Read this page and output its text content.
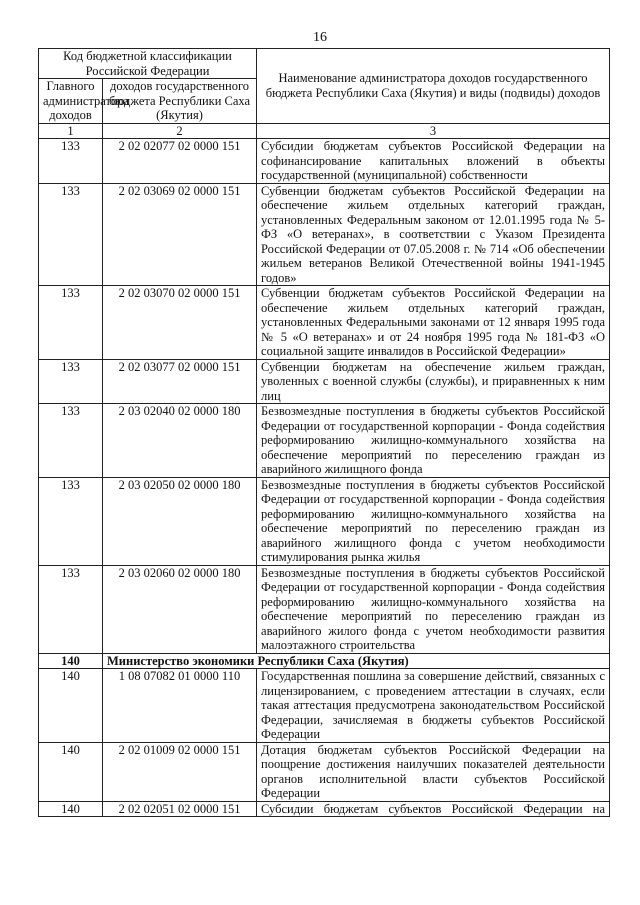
16
Код бюджетной классификации Российской Федерации		Наименование администратора доходов государственного бюджета Республики Саха (Якутия) и виды (подвиды) доходов
Главного администратора доходов	доходов государственного бюджета Республики Саха (Якутия)	
1	2	3
133	2 02 02077 02 0000 151	Субсидии бюджетам субъектов Российской Федерации на софинансирование капитальных вложений в объекты государственной (муниципальной) собственности
133	2 02 03069 02 0000 151	Субвенции бюджетам субъектов Российской Федерации на обеспечение жильем отдельных категорий граждан, установленных Федеральным законом от 12.01.1995 года № 5-ФЗ «О ветеранах», в соответствии с Указом Президента Российской Федерации от 07.05.2008 г. № 714 «Об обеспечении жильем ветеранов Великой Отечественной войны 1941-1945 годов»
133	2 02 03070 02 0000 151	Субвенции бюджетам субъектов Российской Федерации на обеспечение жильем отдельных категорий граждан, установленных Федеральными законами от 12 января 1995 года № 5 «О ветеранах» и от 24 ноября 1995 года № 181-ФЗ «О социальной защите инвалидов в Российской Федерации»
133	2 02 03077 02 0000 151	Субвенции бюджетам на обеспечение жильем граждан, уволенных с военной службы (службы), и приравненных к ним лиц
133	2 03 02040 02 0000 180	Безвозмездные поступления в бюджеты субъектов Российской Федерации от государственной корпорации - Фонда содействия реформированию жилищно-коммунального хозяйства на обеспечение мероприятий по переселению граждан из аварийного жилищного фонда
133	2 03 02050 02 0000 180	Безвозмездные поступления в бюджеты субъектов Российской Федерации от государственной корпорации - Фонда содействия реформированию жилищно-коммунального хозяйства на обеспечение мероприятий по переселению граждан из аварийного жилищного фонда с учетом необходимости стимулирования рынка жилья
133	2 03 02060 02 0000 180	Безвозмездные поступления в бюджеты субъектов Российской Федерации от государственной корпорации - Фонда содействия реформированию жилищно-коммунального хозяйства на обеспечение мероприятий по переселению граждан из аварийного жилого фонда с учетом необходимости развития малоэтажного строительства
140	Министерство экономики Республики Саха (Якутия)	
140	1 08 07082 01 0000 110	Государственная пошлина за совершение действий, связанных с лицензированием, с проведением аттестации в случаях, если такая аттестация предусмотрена законодательством Российской Федерации, зачисляемая в бюджеты субъектов Российской Федерации
140	2 02 01009 02 0000 151	Дотация бюджетам субъектов Российской Федерации на поощрение достижения наилучших показателей деятельности органов исполнительной власти субъектов Российской Федерации
140	2 02 02051 02 0000 151	Субсидии бюджетам субъектов Российской Федерации на
